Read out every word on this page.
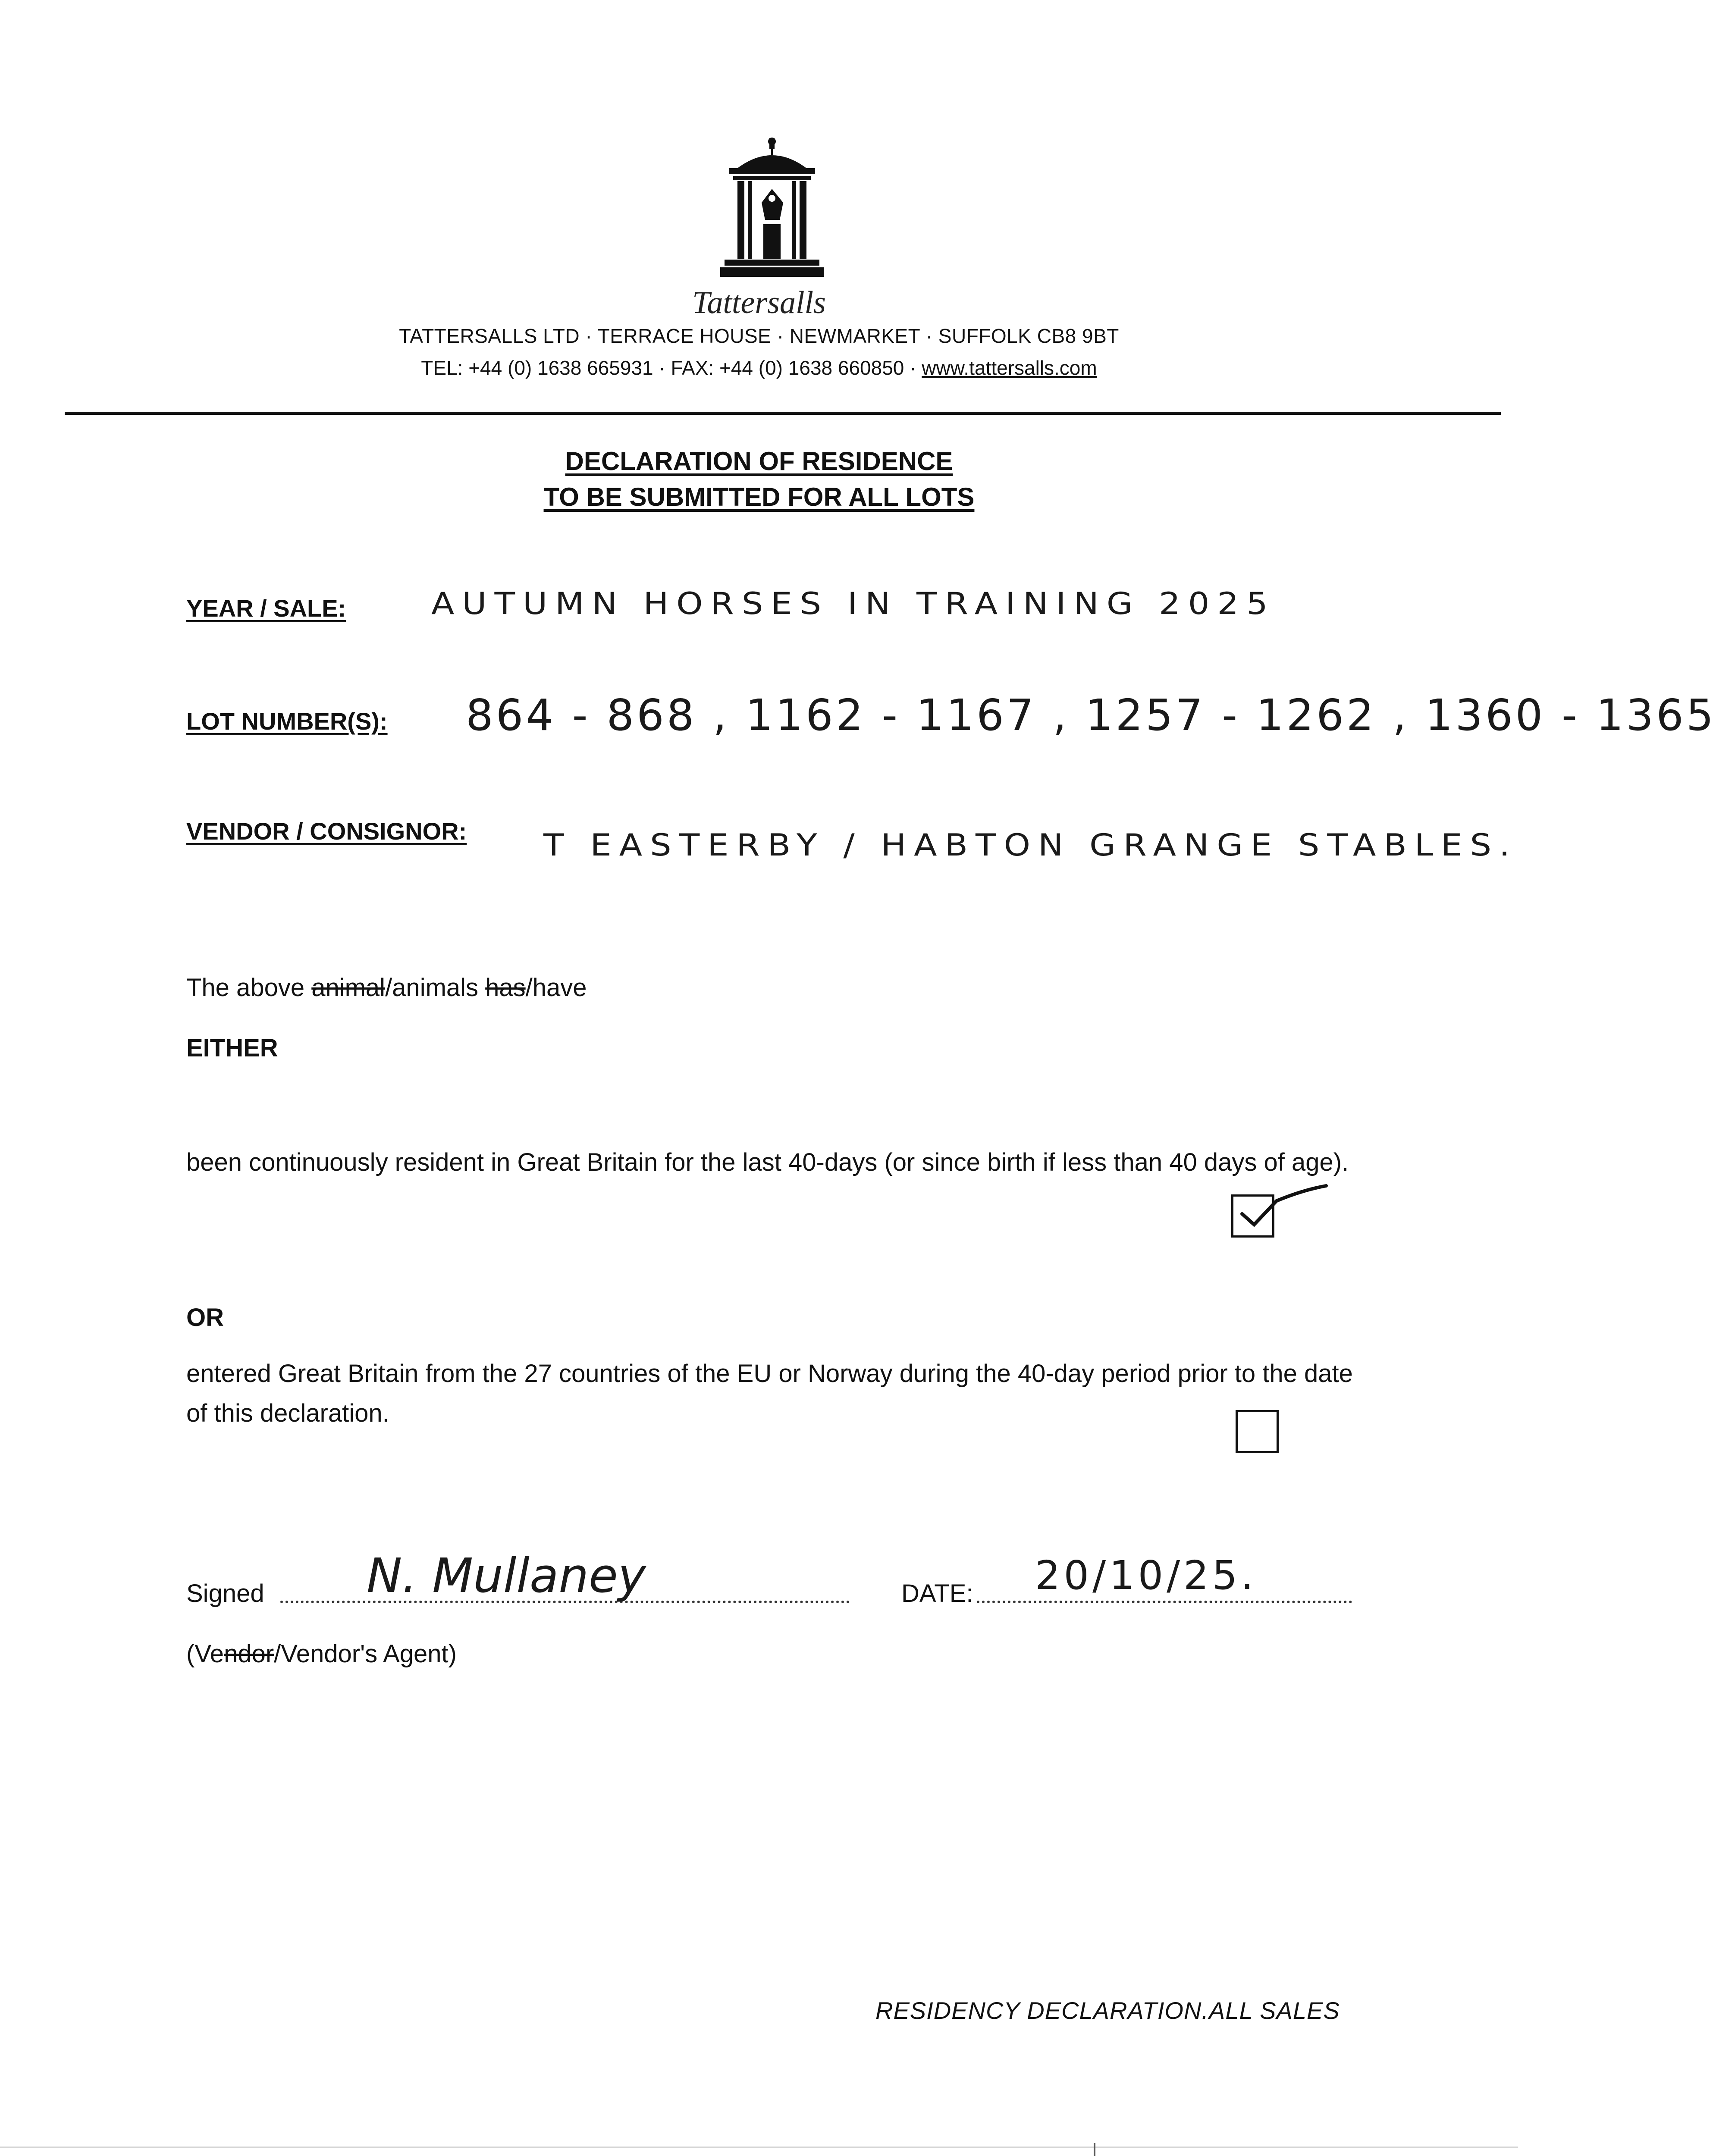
Tattersalls
TATTERSALLS LTD · TERRACE HOUSE · NEWMARKET · SUFFOLK CB8 9BT
TEL: +44 (0) 1638 665931 · FAX: +44 (0) 1638 660850 · www.tattersalls.com
DECLARATION OF RESIDENCE
TO BE SUBMITTED FOR ALL LOTS
YEAR / SALE:	AUTUMN HORSES IN TRAINING 2025
LOT NUMBER(S): 864 - 868 , 1162 - 1167 , 1257 - 1262 , 1360 - 1365
VENDOR / CONSIGNOR: T EASTERBY / HABTON GRANGE STABLES.
The above animal/animals has/have
EITHER
been continuously resident in Great Britain for the last 40-days (or since birth if less than 40 days of age).
OR
entered Great Britain from the 27 countries of the EU or Norway during the 40-day period prior to the date of this declaration.
Signed N. Mullaney	DATE: 20/10/25.
(Vendor/Vendor's Agent)
RESIDENCY DECLARATION.ALL SALES
